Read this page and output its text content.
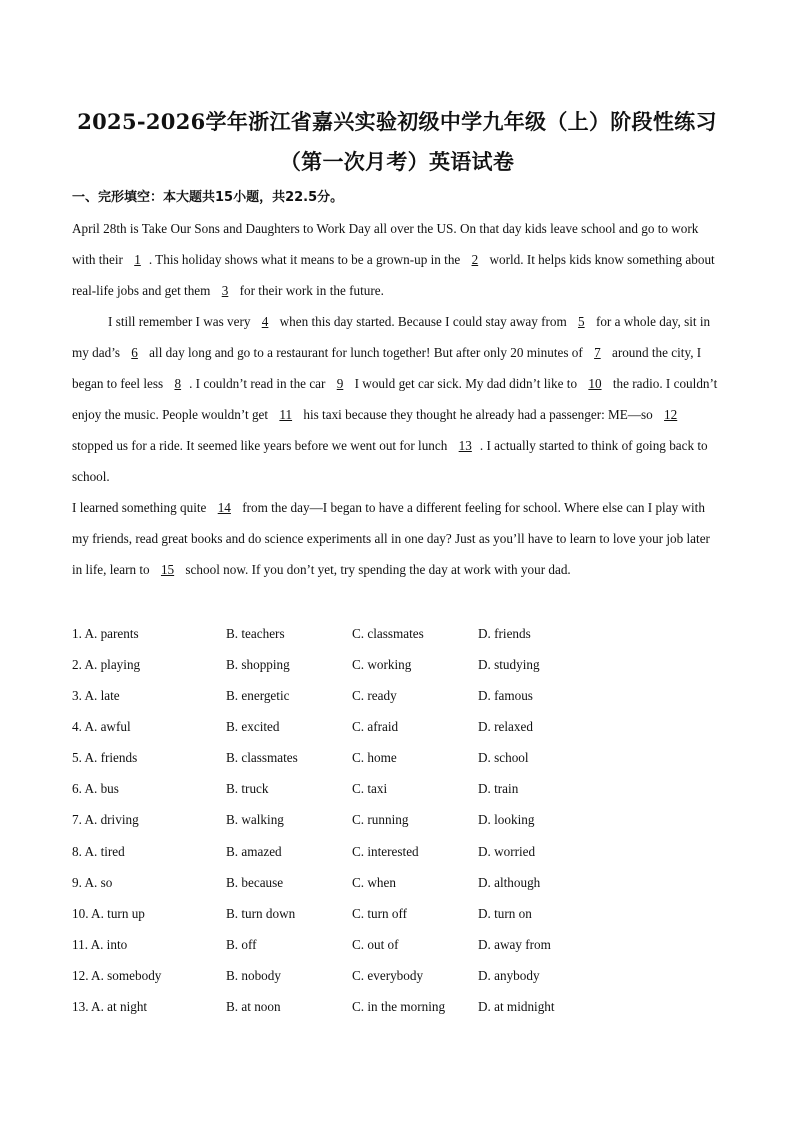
2025-2026学年浙江省嘉兴实验初级中学九年级（上）阶段性练习
（第一次月考）英语试卷
一、完形填空：本大题共15小题，共22.5分。
April 28th is Take Our Sons and Daughters to Work Day all over the US. On that day kids leave school and go to work with their 1 . This holiday shows what it means to be a grown-up in the 2 world. It helps kids know something about real-life jobs and get them 3 for their work in the future.
I still remember I was very 4 when this day started. Because I could stay away from 5 for a whole day, sit in my dad’s 6 all day long and go to a restaurant for lunch together! But after only 20 minutes of 7 around the city, I began to feel less 8 . I couldn’t read in the car 9 I would get car sick. My dad didn’t like to 10 the radio. I couldn’t enjoy the music. People wouldn’t get 11 his taxi because they thought he already had a passenger: ME—so 12 stopped us for a ride. It seemed like years before we went out for lunch 13 . I actually started to think of going back to school.
I learned something quite 14 from the day—I began to have a different feeling for school. Where else can I play with my friends, read great books and do science experiments all in one day? Just as you’ll have to learn to love your job later in life, learn to 15 school now. If you don’t yet, try spending the day at work with your dad.
1. A. parents	B. teachers	C. classmates	D. friends
2. A. playing	B. shopping	C. working	D. studying
3. A. late	B. energetic	C. ready	D. famous
4. A. awful	B. excited	C. afraid	D. relaxed
5. A. friends	B. classmates	C. home	D. school
6. A. bus	B. truck	C. taxi	D. train
7. A. driving	B. walking	C. running	D. looking
8. A. tired	B. amazed	C. interested	D. worried
9. A. so	B. because	C. when	D. although
10. A. turn up	B. turn down	C. turn off	D. turn on
11. A. into	B. off	C. out of	D. away from
12. A. somebody	B. nobody	C. everybody	D. anybody
13. A. at night	B. at noon	C. in the morning	D. at midnight
